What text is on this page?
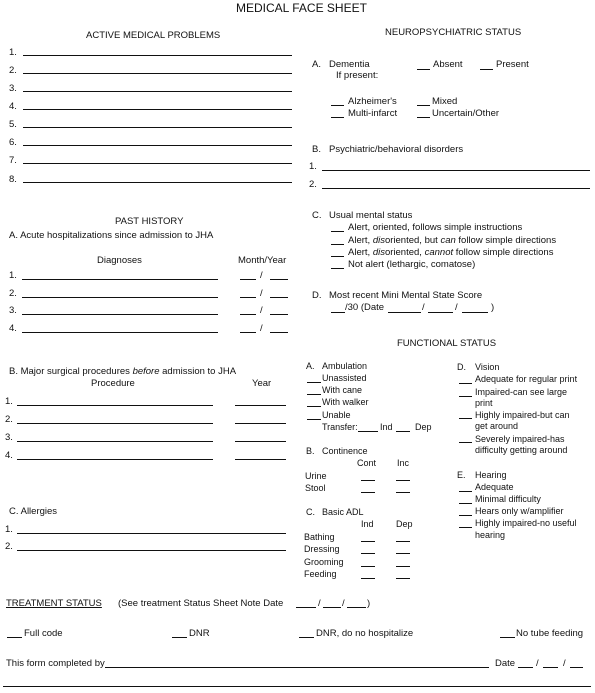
MEDICAL FACE SHEET
ACTIVE MEDICAL PROBLEMS
1.
2.
3.
4.
5.
6.
7.
8.
NEUROPSYCHIATRIC STATUS
A. Dementia
If present:
Absent	Present
Alzheimer's	Mixed
Multi-infarct	Uncertain/Other
B. Psychiatric/behavioral disorders
1.
2.
C. Usual mental status
Alert, oriented, follows simple instructions
Alert, disoriented, but can follow simple directions
Alert, disoriented, cannot follow simple directions
Not alert (lethargic, comatose)
D. Most recent Mini Mental State Score
/30 (Date	/	/	)
PAST HISTORY
A. Acute hospitalizations since admission to JHA
Diagnoses	Month/Year
1.	/
2.	/
3.	/
4.	/
B. Major surgical procedures before admission to JHA
Procedure	Year
1.
2.
3.
4.
C. Allergies
1.
2.
FUNCTIONAL STATUS
A. Ambulation
Unassisted
With cane
With walker
Unable
Transfer: Ind Dep
B. Continence
Cont Inc
Urine
Stool
C. Basic ADL
Ind Dep
Bathing
Dressing
Grooming
Feeding
D. Vision
Adequate for regular print
Impaired-can see large
print
Highly impaired-but can
get around
Severely impaired-has
difficulty getting around
E. Hearing
Adequate
Minimal difficulty
Hears only w/amplifier
Highly impaired-no useful
hearing
TREATMENT STATUS (See treatment Status Sheet Note Date	/ / )
Full code	DNR	DNR, do no hospitalize	No tube feeding
This form completed by	Date /	/
